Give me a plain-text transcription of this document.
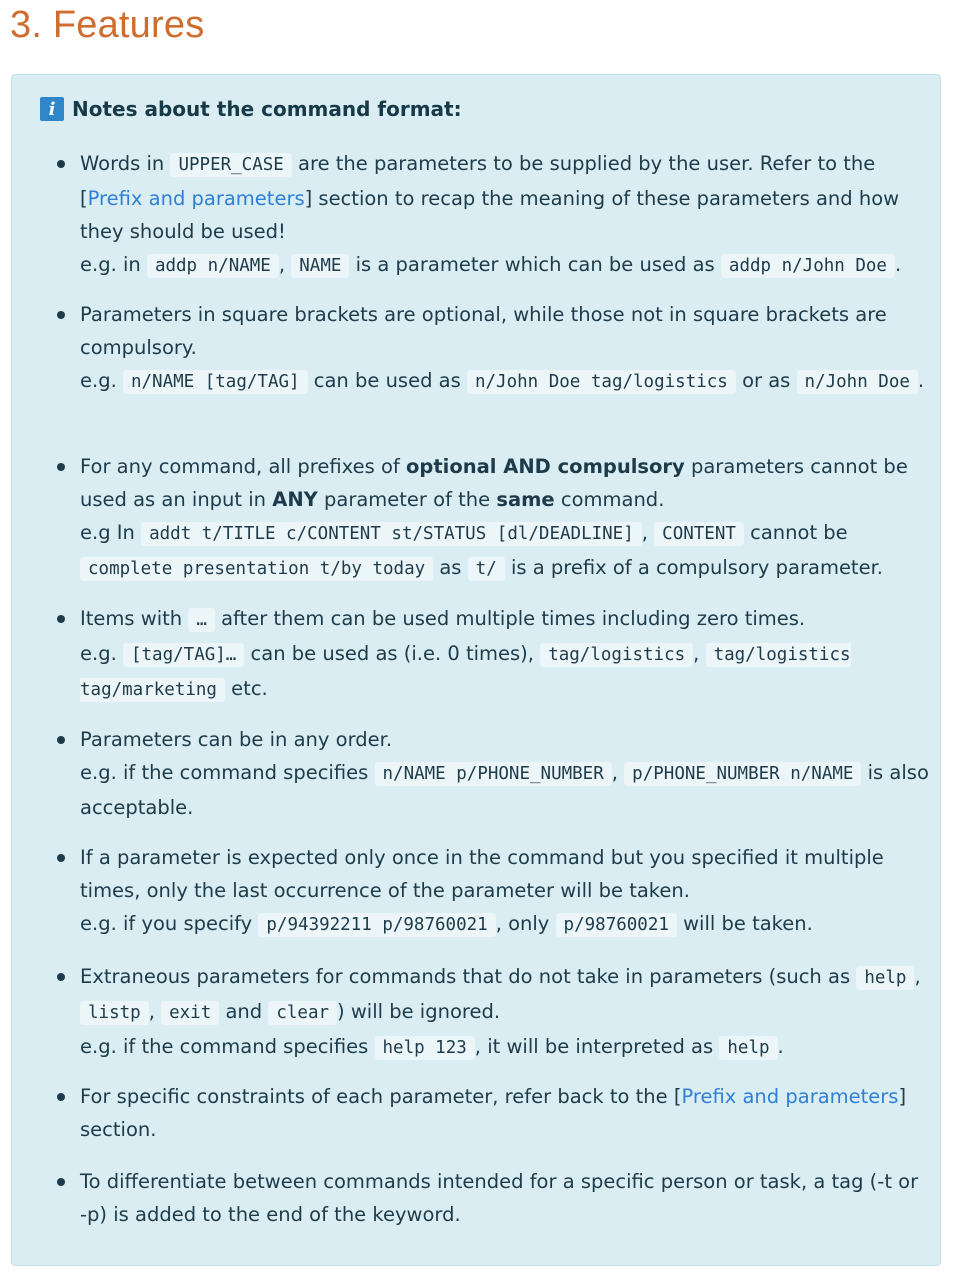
3. Features
i Notes about the command format:
Words in UPPER_CASE are the parameters to be supplied by the user. Refer to the [Prefix and parameters] section to recap the meaning of these parameters and how they should be used!
e.g. in addp n/NAME , NAME is a parameter which can be used as addp n/John Doe .
Parameters in square brackets are optional, while those not in square brackets are compulsory.
e.g. n/NAME [tag/TAG] can be used as n/John Doe tag/logistics or as n/John Doe .
For any command, all prefixes of optional AND compulsory parameters cannot be used as an input in ANY parameter of the same command.
e.g In addt t/TITLE c/CONTENT st/STATUS [dl/DEADLINE] , CONTENT cannot be complete presentation t/by today as t/ is a prefix of a compulsory parameter.
Items with … after them can be used multiple times including zero times.
e.g. [tag/TAG]… can be used as (i.e. 0 times), tag/logistics , tag/logistics tag/marketing etc.
Parameters can be in any order.
e.g. if the command specifies n/NAME p/PHONE_NUMBER , p/PHONE_NUMBER n/NAME is also acceptable.
If a parameter is expected only once in the command but you specified it multiple times, only the last occurrence of the parameter will be taken.
e.g. if you specify p/94392211 p/98760021 , only p/98760021 will be taken.
Extraneous parameters for commands that do not take in parameters (such as help , listp , exit and clear ) will be ignored.
e.g. if the command specifies help 123 , it will be interpreted as help .
For specific constraints of each parameter, refer back to the [Prefix and parameters] section.
To differentiate between commands intended for a specific person or task, a tag (-t or -p) is added to the end of the keyword.
